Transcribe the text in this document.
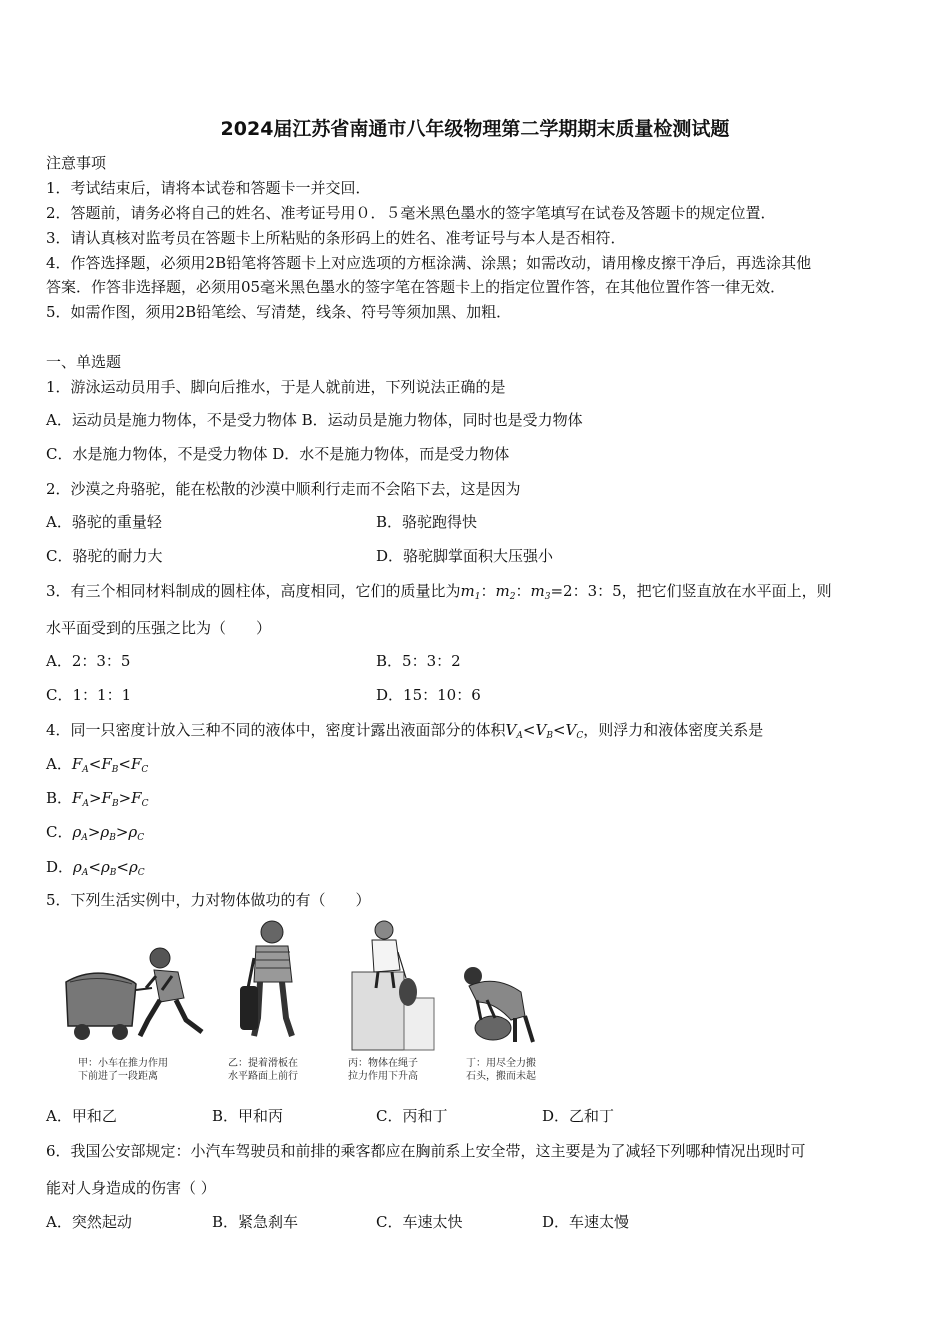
2024届江苏省南通市八年级物理第二学期期末质量检测试题
注意事项
1．考试结束后，请将本试卷和答题卡一并交回．
2．答题前，请务必将自己的姓名、准考证号用０．５毫米黑色墨水的签字笔填写在试卷及答题卡的规定位置．
3．请认真核对监考员在答题卡上所粘贴的条形码上的姓名、准考证号与本人是否相符．
4．作答选择题，必须用2B铅笔将答题卡上对应选项的方框涂满、涂黑；如需改动，请用橡皮擦干净后，再选涂其他
答案．作答非选择题，必须用05毫米黑色墨水的签字笔在答题卡上的指定位置作答，在其他位置作答一律无效．
5．如需作图，须用2B铅笔绘、写清楚，线条、符号等须加黑、加粗．
一、单选题
1．游泳运动员用手、脚向后推水，于是人就前进，下列说法正确的是
A．运动员是施力物体，不是受力物体 B．运动员是施力物体，同时也是受力物体
C．水是施力物体，不是受力物体 D．水不是施力物体，而是受力物体
2．沙漠之舟骆驼，能在松散的沙漠中顺利行走而不会陷下去，这是因为
A．骆驼的重量轻	B．骆驼跑得快
C．骆驼的耐力大	D．骆驼脚掌面积大压强小
3．有三个相同材料制成的圆柱体，高度相同，它们的质量比为$m_1$：$m_2$：$m_3=2$：3：5，把它们竖直放在水平面上，则
水平面受到的压强之比为（　　）
A．2：3：5	B．5：3：2
C．1：1：1	D．15：10：6
4．同一只密度计放入三种不同的液体中，密度计露出液面部分的体积$V_A<V_B<V_C$，则浮力和液体密度关系是
A．$F_A<F_B<F_C$
B．$F_A>F_B>F_C$
C．$\rho_A>\rho_B>\rho_C$
D．$\rho_A<\rho_B<\rho_C$
5．下列生活实例中，力对物体做功的有（　　）
甲：小车在推力作用
下前进了一段距离
乙：提着滑板在
水平路面上前行
丙：物体在绳子
拉力作用下升高
丁：用尽全力搬
石头，搬而未起
A．甲和乙	B．甲和丙	C．丙和丁	D．乙和丁
6．我国公安部规定：小汽车驾驶员和前排的乘客都应在胸前系上安全带，这主要是为了减轻下列哪种情况出现时可
能对人身造成的伤害（ ）
A．突然起动	B．紧急刹车	C．车速太快	D．车速太慢
